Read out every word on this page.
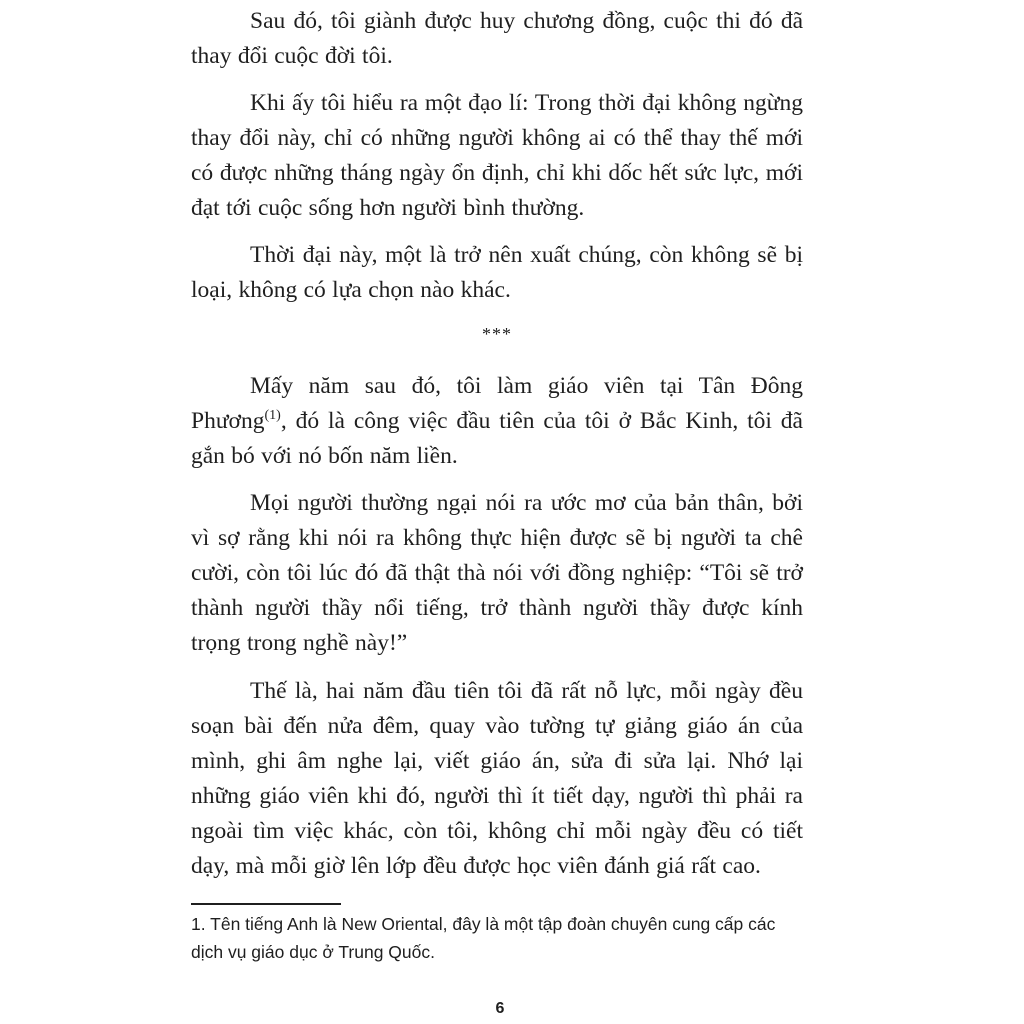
Sau đó, tôi giành được huy chương đồng, cuộc thi đó đã thay đổi cuộc đời tôi.

Khi ấy tôi hiểu ra một đạo lí: Trong thời đại không ngừng thay đổi này, chỉ có những người không ai có thể thay thế mới có được những tháng ngày ổn định, chỉ khi dốc hết sức lực, mới đạt tới cuộc sống hơn người bình thường.

Thời đại này, một là trở nên xuất chúng, còn không sẽ bị loại, không có lựa chọn nào khác.

***

Mấy năm sau đó, tôi làm giáo viên tại Tân Đông Phương$^{(1)}$, đó là công việc đầu tiên của tôi ở Bắc Kinh, tôi đã gắn bó với nó bốn năm liền.

Mọi người thường ngại nói ra ước mơ của bản thân, bởi vì sợ rằng khi nói ra không thực hiện được sẽ bị người ta chê cười, còn tôi lúc đó đã thật thà nói với đồng nghiệp: “Tôi sẽ trở thành người thầy nổi tiếng, trở thành người thầy được kính trọng trong nghề này!”

Thế là, hai năm đầu tiên tôi đã rất nỗ lực, mỗi ngày đều soạn bài đến nửa đêm, quay vào tường tự giảng giáo án của mình, ghi âm nghe lại, viết giáo án, sửa đi sửa lại. Nhớ lại những giáo viên khi đó, người thì ít tiết dạy, người thì phải ra ngoài tìm việc khác, còn tôi, không chỉ mỗi ngày đều có tiết dạy, mà mỗi giờ lên lớp đều được học viên đánh giá rất cao.

1. Tên tiếng Anh là New Oriental, đây là một tập đoàn chuyên cung cấp các dịch vụ giáo dục ở Trung Quốc.

6
